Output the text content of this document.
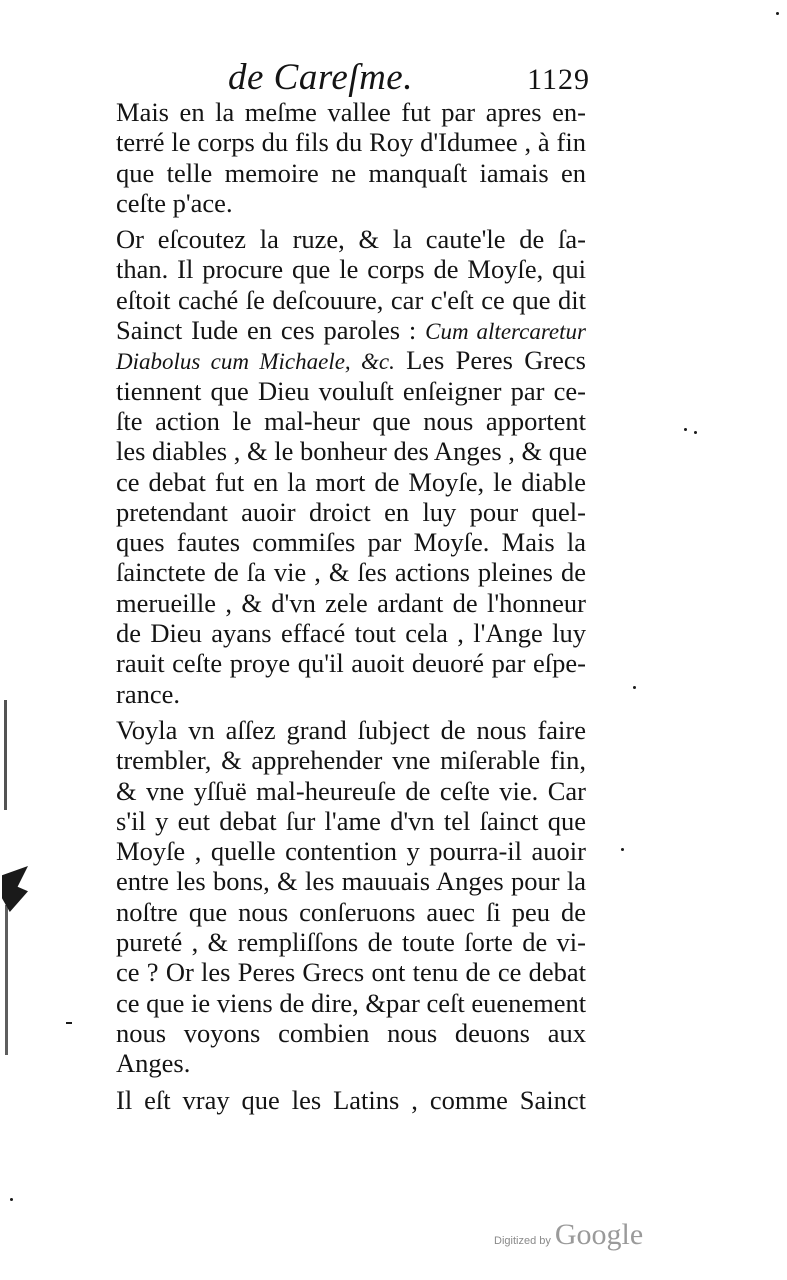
de Careſme.	1129
Mais en la meſme vallee fut par apres en-
terré le corps du fils du Roy d'Idumee , à fin
que telle memoire ne manquaſt iamais en
ceſte p'ace.
Or eſcoutez la ruze, & la caute'le de ſa-
than. Il procure que le corps de Moyſe, qui
eſtoit caché ſe deſcouure, car c'eſt ce que dit
Sainct Iude en ces paroles : Cum altercaretur
Diabolus cum Michaele, &c. Les Peres Grecs
tiennent que Dieu vouluſt enſeigner par ce-
ſte action le mal-heur que nous apportent
les diables , & le bonheur des Anges , & que
ce debat fut en la mort de Moyſe, le diable
pretendant auoir droict en luy pour quel-
ques fautes commiſes par Moyſe. Mais la
ſainctete de ſa vie , & ſes actions pleines de
merueille , & d'vn zele ardant de l'honneur
de Dieu ayans effacé tout cela , l'Ange luy
rauit ceſte proye qu'il auoit deuoré par eſpe-
rance.
Voyla vn aſſez grand ſubject de nous faire
trembler, & apprehender vne miſerable fin,
& vne yſſuë mal-heureuſe de ceſte vie. Car
s'il y eut debat ſur l'ame d'vn tel ſainct que
Moyſe , quelle contention y pourra-il auoir
entre les bons, & les mauuais Anges pour la
noſtre que nous conſeruons auec ſi peu de
pureté , & rempliſſons de toute ſorte de vi-
ce ? Or les Peres Grecs ont tenu de ce debat
ce que ie viens de dire, &par ceſt euenement
nous voyons combien nous deuons aux
Anges.
Il eſt vray que les Latins , comme Sainct
Digitized by Google
